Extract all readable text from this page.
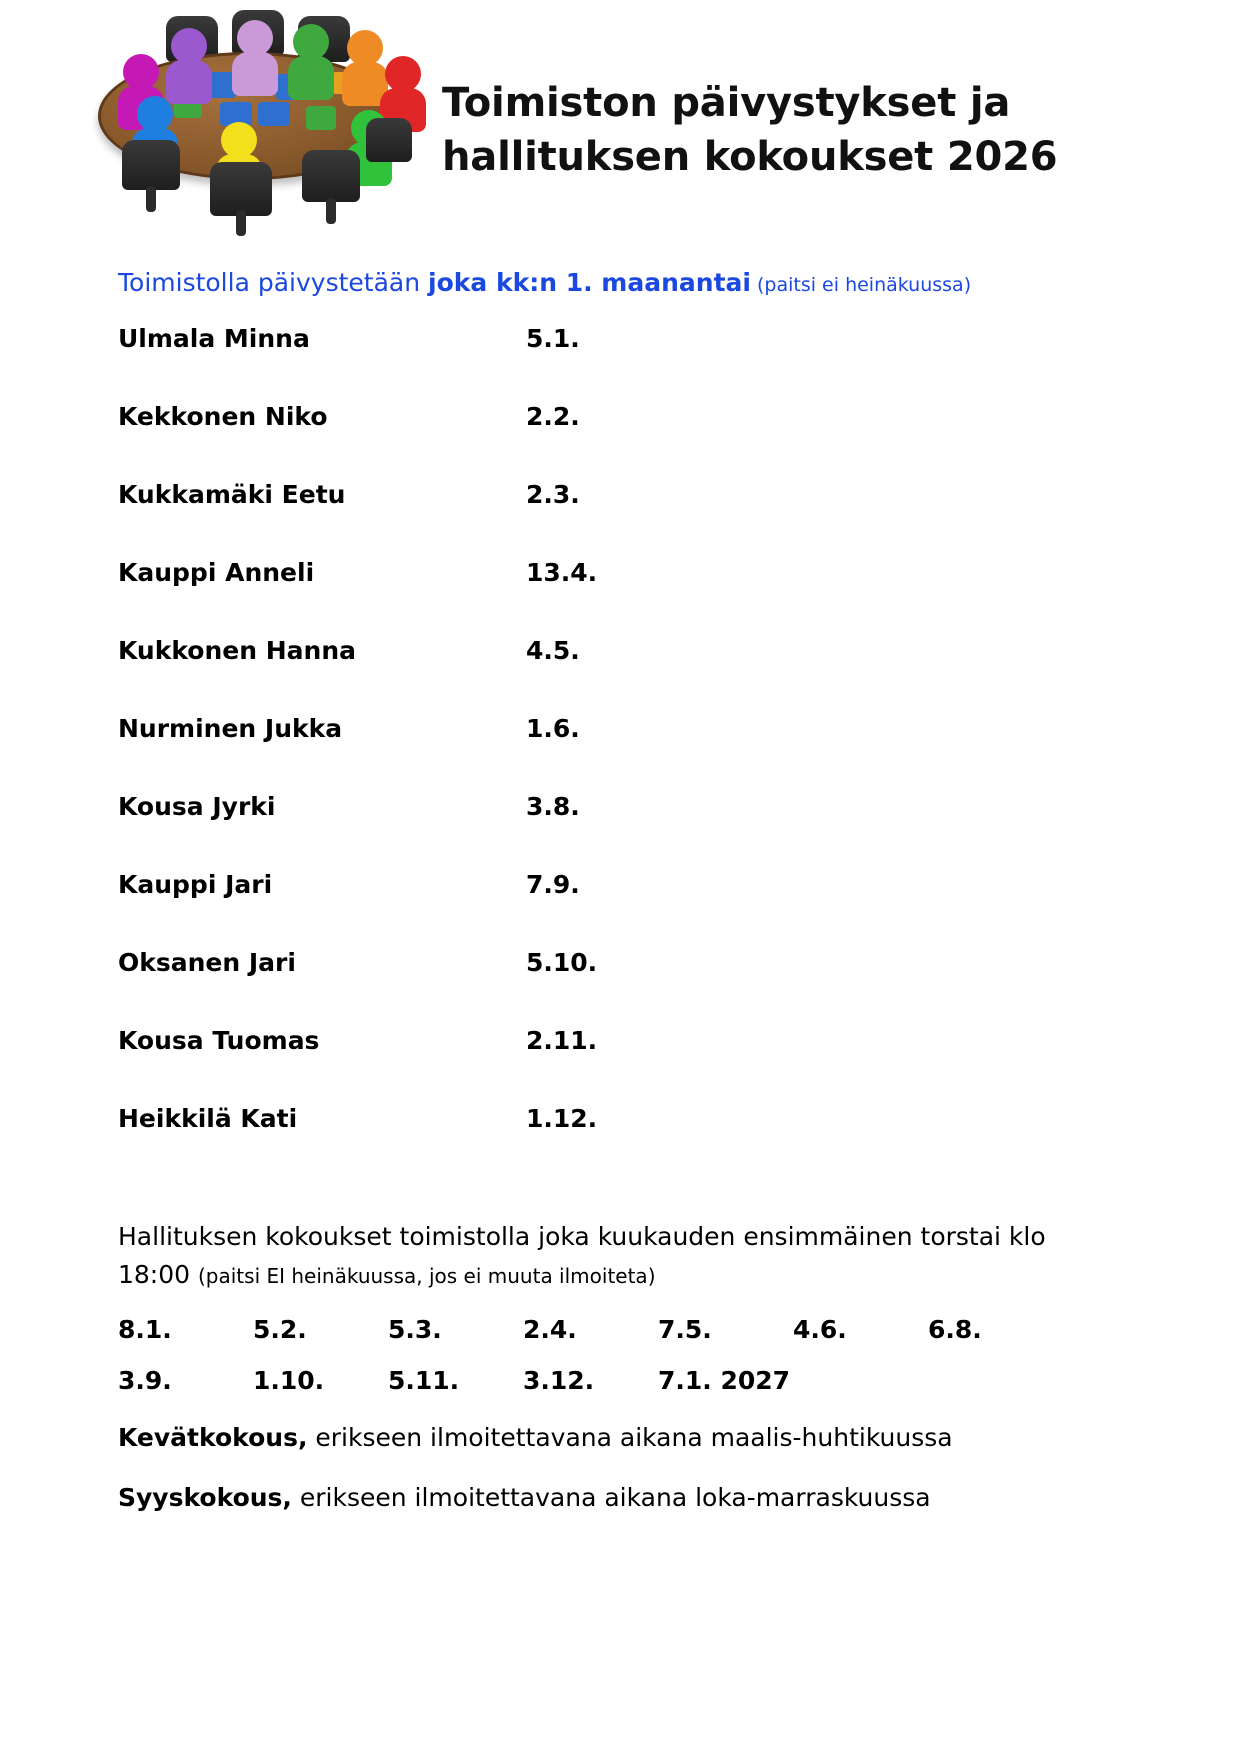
Toimiston päivystykset ja
hallituksen kokoukset 2026
Toimistolla päivystetään joka kk:n 1. maanantai (paitsi ei heinäkuussa)
Ulmala Minna	5.1.
Kekkonen Niko	2.2.
Kukkamäki Eetu	2.3.
Kauppi Anneli	13.4.
Kukkonen Hanna	4.5.
Nurminen Jukka	1.6.
Kousa Jyrki	3.8.
Kauppi Jari	7.9.
Oksanen Jari	5.10.
Kousa Tuomas	2.11.
Heikkilä Kati	1.12.
Hallituksen kokoukset toimistolla joka kuukauden ensimmäinen torstai klo 18:00 (paitsi EI heinäkuussa, jos ei muuta ilmoiteta)
8.1.	5.2.	5.3.	2.4.	7.5.	4.6.	6.8.
3.9.	1.10.	5.11.	3.12.	7.1. 2027
Kevätkokous, erikseen ilmoitettavana aikana maalis-huhtikuussa
Syyskokous, erikseen ilmoitettavana aikana loka-marraskuussa
